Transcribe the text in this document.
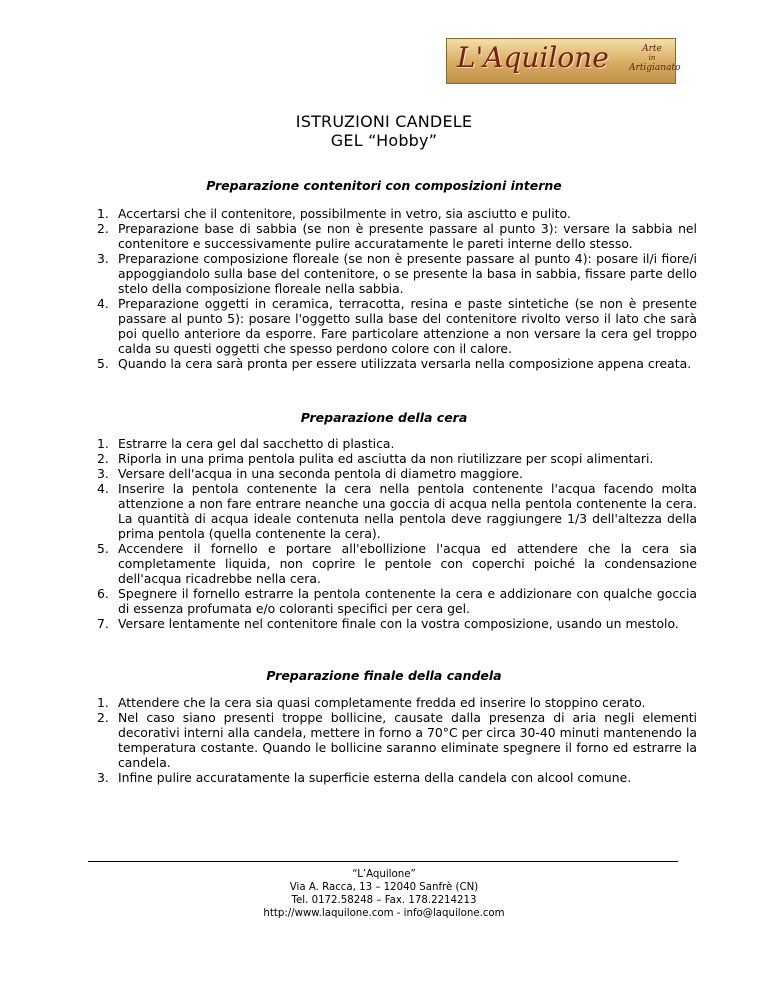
L'Aquilone	Arte
in
Artigianato
ISTRUZIONI CANDELE
GEL “Hobby”
Preparazione contenitori con composizioni interne
1. Accertarsi che il contenitore, possibilmente in vetro, sia asciutto e pulito.
2. Preparazione base di sabbia (se non è presente passare al punto 3): versare la sabbia nel contenitore e successivamente pulire accuratamente le pareti interne dello stesso.
3. Preparazione composizione floreale (se non è presente passare al punto 4): posare il/i fiore/i appoggiandolo sulla base del contenitore, o se presente la basa in sabbia, fissare parte dello stelo della composizione floreale nella sabbia.
4. Preparazione oggetti in ceramica, terracotta, resina e paste sintetiche (se non è presente passare al punto 5): posare l'oggetto sulla base del contenitore rivolto verso il lato che sarà poi quello anteriore da esporre. Fare particolare attenzione a non versare la cera gel troppo calda su questi oggetti che spesso perdono colore con il calore.
5. Quando la cera sarà pronta per essere utilizzata versarla nella composizione appena creata.
Preparazione della cera
1. Estrarre la cera gel dal sacchetto di plastica.
2. Riporla in una prima pentola pulita ed asciutta da non riutilizzare per scopi alimentari.
3. Versare dell'acqua in una seconda pentola di diametro maggiore.
4. Inserire la pentola contenente la cera nella pentola contenente l'acqua facendo molta attenzione a non fare entrare neanche una goccia di acqua nella pentola contenente la cera. La quantità di acqua ideale contenuta nella pentola deve raggiungere 1/3 dell'altezza della prima pentola (quella contenente la cera).
5. Accendere il fornello e portare all'ebollizione l'acqua ed attendere che la cera sia completamente liquida, non coprire le pentole con coperchi poiché la condensazione dell'acqua ricadrebbe nella cera.
6. Spegnere il fornello estrarre la pentola contenente la cera e addizionare con qualche goccia di essenza profumata e/o coloranti specifici per cera gel.
7. Versare lentamente nel contenitore finale con la vostra composizione, usando un mestolo.
Preparazione finale della candela
1. Attendere che la cera sia quasi completamente fredda ed inserire lo stoppino cerato.
2. Nel caso siano presenti troppe bollicine, causate dalla presenza di aria negli elementi decorativi interni alla candela, mettere in forno a 70°C per circa 30-40 minuti mantenendo la temperatura costante. Quando le bollicine saranno eliminate spegnere il forno ed estrarre la candela.
3. Infine pulire accuratamente la superficie esterna della candela con alcool comune.
“L’Aquilone”
Via A. Racca, 13 – 12040 Sanfrè (CN)
Tel. 0172.58248 – Fax. 178.2214213
http://www.laquilone.com - info@laquilone.com
